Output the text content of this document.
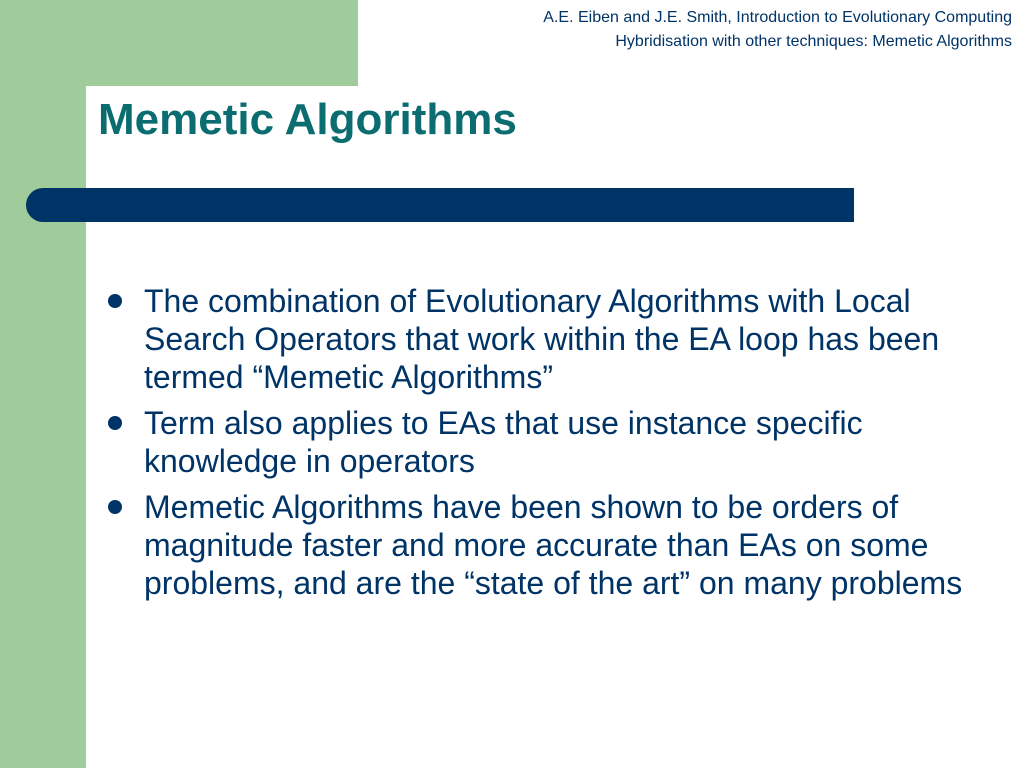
A.E. Eiben and J.E. Smith, Introduction to Evolutionary Computing
Hybridisation with other techniques: Memetic Algorithms
Memetic Algorithms
The combination of Evolutionary Algorithms with Local Search Operators that work within the EA loop has been termed “Memetic Algorithms”
Term also applies to EAs that use instance specific knowledge in operators
Memetic Algorithms have been shown to be orders of magnitude faster and more accurate than EAs on some problems, and are the “state of the art” on many problems
